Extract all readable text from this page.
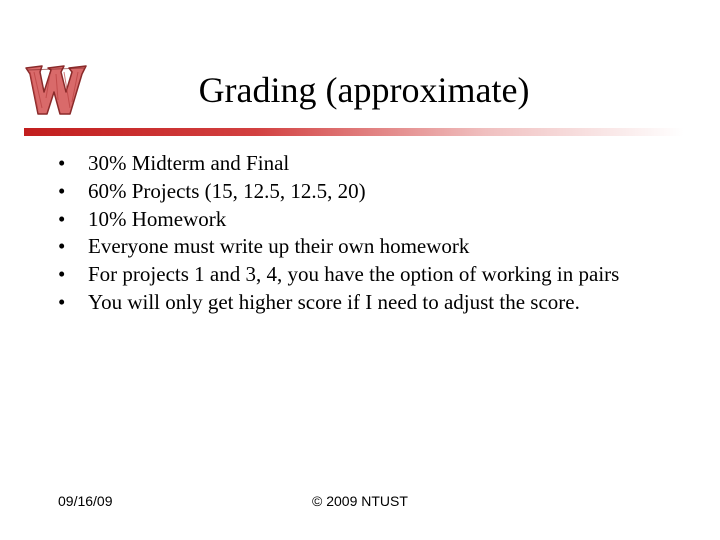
Grading (approximate)
•	30% Midterm and Final
•	60% Projects (15, 12.5, 12.5, 20)
•	10% Homework
•	Everyone must write up their own homework
•	For projects 1 and 3, 4, you have the option of working in pairs
•	You will only get higher score if I need to adjust the score.
09/16/09	© 2009 NTUST
